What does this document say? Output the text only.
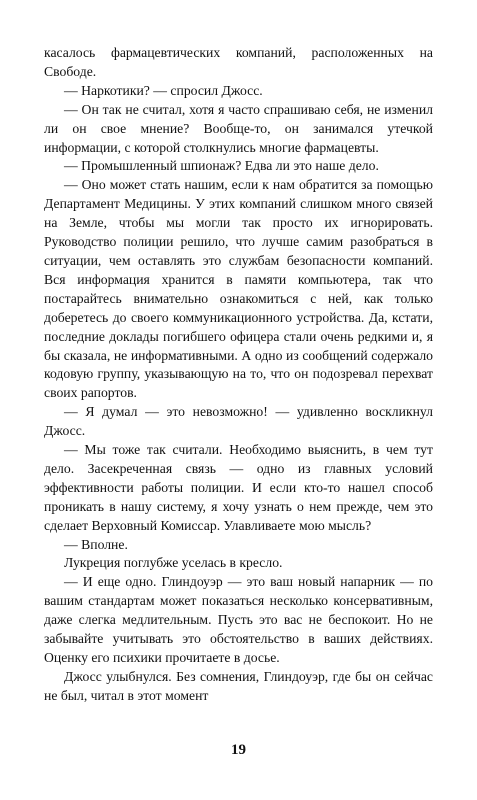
касалось фармацевтических компаний, расположенных на Свободе.

— Наркотики? — спросил Джосс.

— Он так не считал, хотя я часто спрашиваю себя, не изменил ли он свое мнение? Вообще-то, он занимался утечкой информации, с которой столкнулись многие фармацевты.

— Промышленный шпионаж? Едва ли это наше дело.

— Оно может стать нашим, если к нам обратится за помощью Департамент Медицины. У этих компаний слишком много связей на Земле, чтобы мы могли так просто их игнорировать. Руководство полиции решило, что лучше самим разобраться в ситуации, чем оставлять это службам безопасности компаний. Вся информация хранится в памяти компьютера, так что постарайтесь внимательно ознакомиться с ней, как только доберетесь до своего коммуникационного устройства. Да, кстати, последние доклады погибшего офицера стали очень редкими и, я бы сказала, не информативными. А одно из сообщений содержало кодовую группу, указывающую на то, что он подозревал перехват своих рапортов.

— Я думал — это невозможно! — удивленно воскликнул Джосс.

— Мы тоже так считали. Необходимо выяснить, в чем тут дело. Засекреченная связь — одно из главных условий эффективности работы полиции. И если кто-то нашел способ проникать в нашу систему, я хочу узнать о нем прежде, чем это сделает Верховный Комиссар. Улавливаете мою мысль?

— Вполне.

Лукреция поглубже уселась в кресло.

— И еще одно. Глиндоуэр — это ваш новый напарник — по вашим стандартам может показаться несколько консервативным, даже слегка медлительным. Пусть это вас не беспокоит. Но не забывайте учитывать это обстоятельство в ваших действиях. Оценку его психики прочитаете в досье.

Джосс улыбнулся. Без сомнения, Глиндоуэр, где бы он сейчас не был, читал в этот момент

19
